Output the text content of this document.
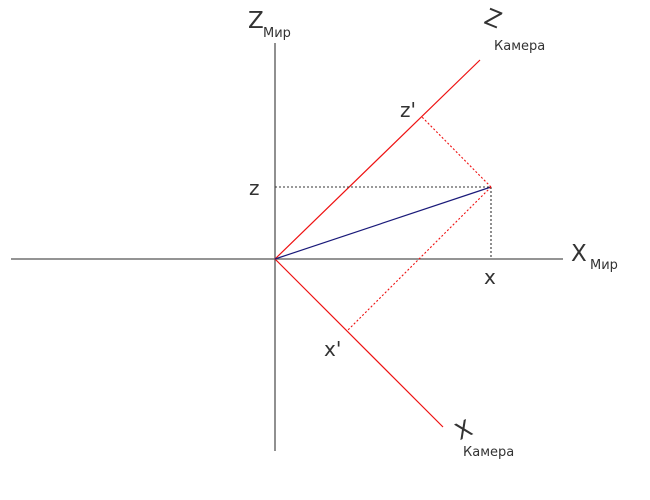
Z Мир
X Мир
Z
Камера
X
Камера
z
x
z'
x'
